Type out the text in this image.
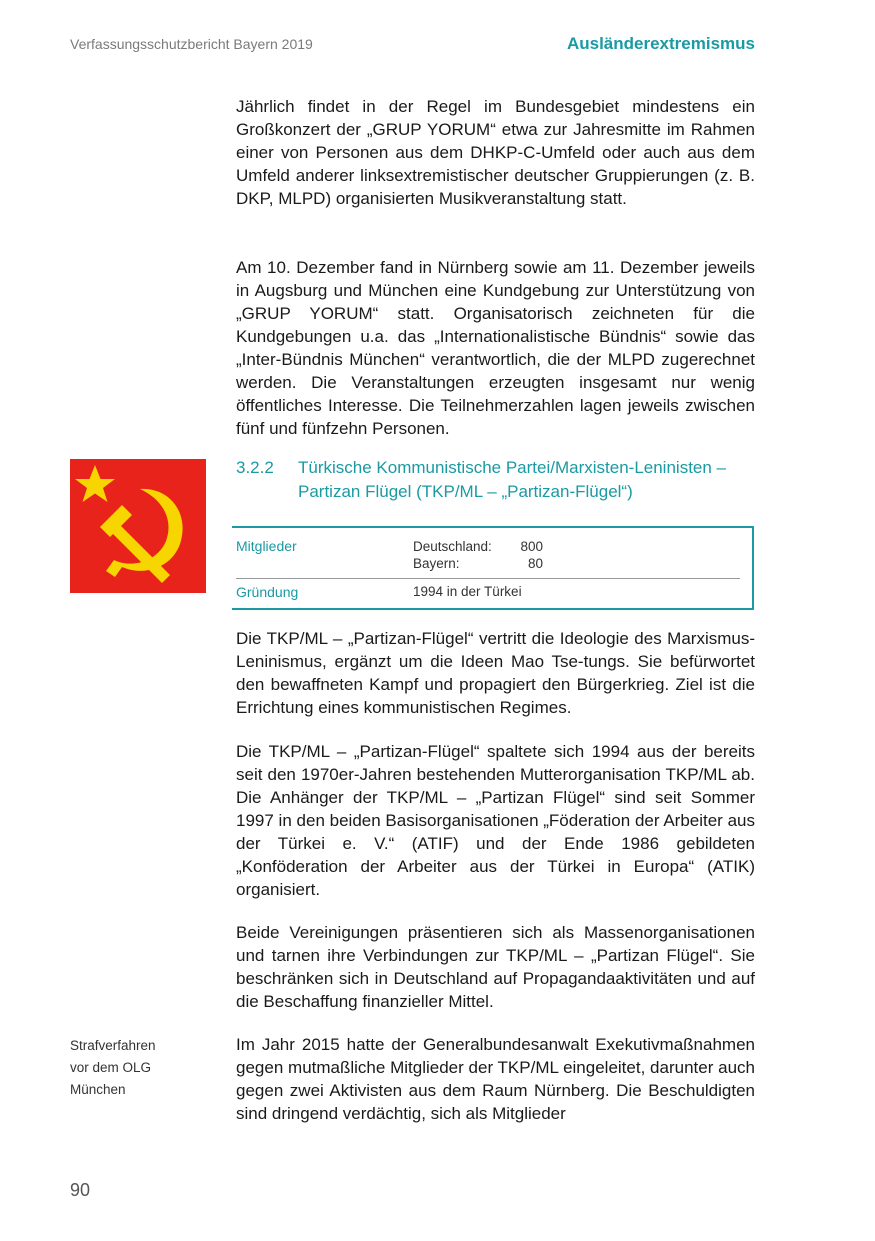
Verfassungsschutzbericht Bayern 2019	Ausländerextremismus

Jährlich findet in der Regel im Bundesgebiet mindestens ein Großkonzert der „GRUP YORUM“ etwa zur Jahresmitte im Rahmen einer von Personen aus dem DHKP-C-Umfeld oder auch aus dem Umfeld anderer linksextremistischer deutscher Gruppierungen (z. B. DKP, MLPD) organisierten Musikveranstaltung statt.

Am 10. Dezember fand in Nürnberg sowie am 11. Dezember jeweils in Augsburg und München eine Kundgebung zur Unterstützung von „GRUP YORUM“ statt. Organisatorisch zeichneten für die Kundgebungen u.a. das „Internationalistische Bündnis“ sowie das „Inter-Bündnis München“ verantwortlich, die der MLPD zugerechnet werden. Die Veranstaltungen erzeugten insgesamt nur wenig öffentliches Interesse. Die Teilnehmerzahlen lagen jeweils zwischen fünf und fünfzehn Personen.

3.2.2 Türkische Kommunistische Partei/Marxisten-Leninisten – Partizan Flügel (TKP/ML – „Partizan-Flügel“)
Mitglieder	Deutschland:	800
Bayern:	80
Gründung	1994 in der Türkei

Die TKP/ML – „Partizan-Flügel“ vertritt die Ideologie des Marxismus-Leninismus, ergänzt um die Ideen Mao Tse-tungs. Sie befürwortet den bewaffneten Kampf und propagiert den Bürgerkrieg. Ziel ist die Errichtung eines kommunistischen Regimes.

Die TKP/ML – „Partizan-Flügel“ spaltete sich 1994 aus der bereits seit den 1970er-Jahren bestehenden Mutterorganisation TKP/ML ab. Die Anhänger der TKP/ML – „Partizan Flügel“ sind seit Sommer 1997 in den beiden Basisorganisationen „Föderation der Arbeiter aus der Türkei e. V.“ (ATIF) und der Ende 1986 gebildeten „Konföderation der Arbeiter aus der Türkei in Europa“ (ATIK) organisiert.

Beide Vereinigungen präsentieren sich als Massenorganisationen und tarnen ihre Verbindungen zur TKP/ML – „Partizan Flügel“. Sie beschränken sich in Deutschland auf Propagandaaktivitäten und auf die Beschaffung finanzieller Mittel.

Strafverfahren
vor dem OLG
München

Im Jahr 2015 hatte der Generalbundesanwalt Exekutivmaßnahmen gegen mutmaßliche Mitglieder der TKP/ML eingeleitet, darunter auch gegen zwei Aktivisten aus dem Raum Nürnberg. Die Beschuldigten sind dringend verdächtig, sich als Mitglieder

90
